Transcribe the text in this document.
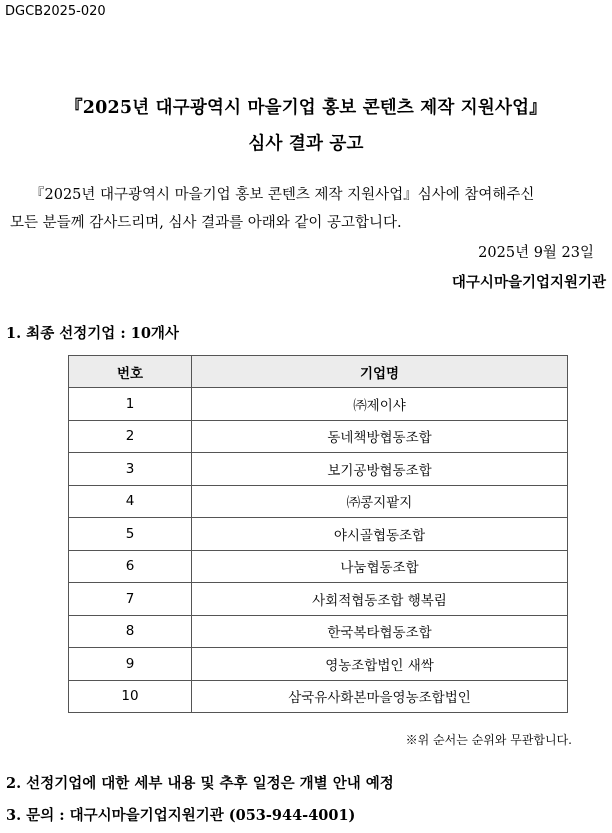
DGCB2025-020
『2025년 대구광역시 마을기업 홍보 콘텐츠 제작 지원사업』
심사 결과 공고
『2025년 대구광역시 마을기업 홍보 콘텐츠 제작 지원사업』심사에 참여해주신
모든 분들께 감사드리며, 심사 결과를 아래와 같이 공고합니다.
2025년 9월 23일
대구시마을기업지원기관
1. 최종 선정기업 : 10개사
번호	기업명
1	㈜제이샤
2	동네책방협동조합
3	보기공방협동조합
4	㈜콩지팥지
5	야시골협동조합
6	나눔협동조합
7	사회적협동조합 행복림
8	한국복타협동조합
9	영농조합법인 새싹
10	삼국유사화본마을영농조합법인
※위 순서는 순위와 무관합니다.
2. 선정기업에 대한 세부 내용 및 추후 일정은 개별 안내 예정
3. 문의 : 대구시마을기업지원기관 (053-944-4001)
